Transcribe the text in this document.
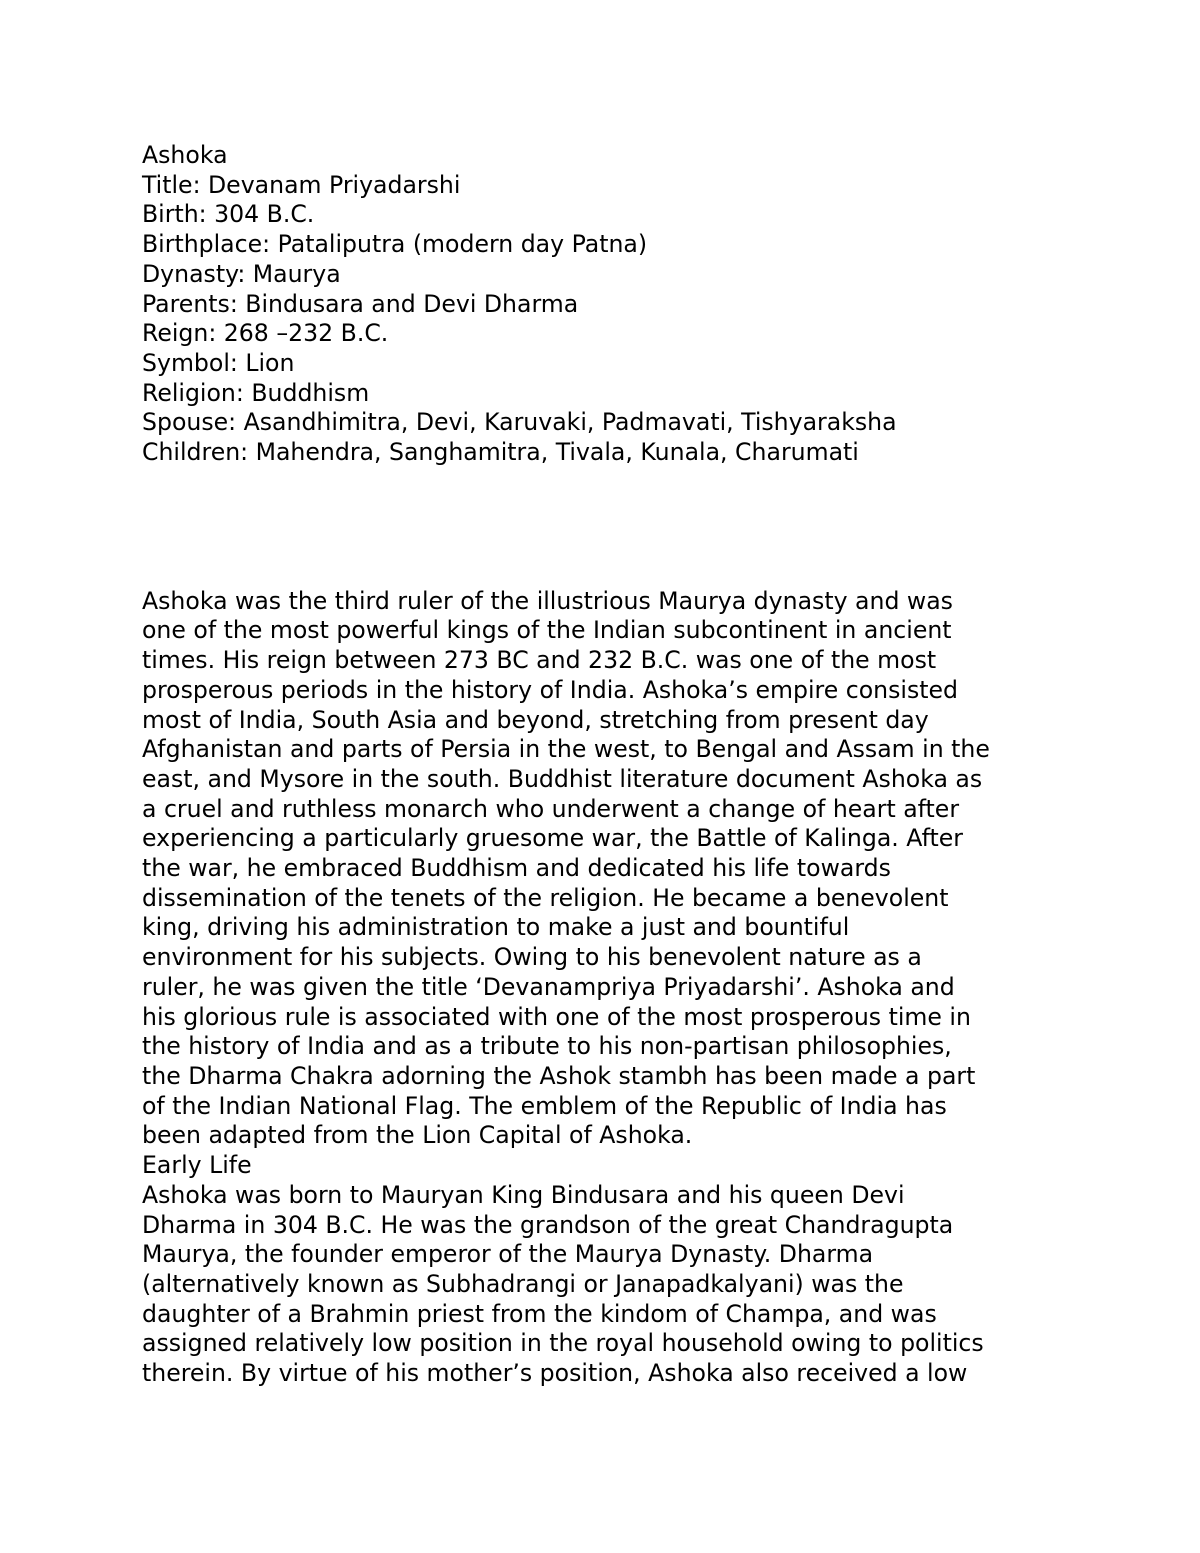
Ashoka
Title: Devanam Priyadarshi
Birth: 304 B.C.
Birthplace: Pataliputra (modern day Patna)
Dynasty: Maurya
Parents: Bindusara and Devi Dharma
Reign: 268 –232 B.C.
Symbol: Lion
Religion: Buddhism
Spouse: Asandhimitra, Devi, Karuvaki, Padmavati, Tishyaraksha
Children: Mahendra, Sanghamitra, Tivala, Kunala, Charumati
Ashoka was the third ruler of the illustrious Maurya dynasty and was
one of the most powerful kings of the Indian subcontinent in ancient
times. His reign between 273 BC and 232 B.C. was one of the most
prosperous periods in the history of India. Ashoka’s empire consisted
most of India, South Asia and beyond, stretching from present day
Afghanistan and parts of Persia in the west, to Bengal and Assam in the
east, and Mysore in the south. Buddhist literature document Ashoka as
a cruel and ruthless monarch who underwent a change of heart after
experiencing a particularly gruesome war, the Battle of Kalinga. After
the war, he embraced Buddhism and dedicated his life towards
dissemination of the tenets of the religion. He became a benevolent
king, driving his administration to make a just and bountiful
environment for his subjects. Owing to his benevolent nature as a
ruler, he was given the title ‘Devanampriya Priyadarshi’. Ashoka and
his glorious rule is associated with one of the most prosperous time in
the history of India and as a tribute to his non-partisan philosophies,
the Dharma Chakra adorning the Ashok stambh has been made a part
of the Indian National Flag. The emblem of the Republic of India has
been adapted from the Lion Capital of Ashoka.
Early Life
Ashoka was born to Mauryan King Bindusara and his queen Devi
Dharma in 304 B.C. He was the grandson of the great Chandragupta
Maurya, the founder emperor of the Maurya Dynasty. Dharma
(alternatively known as Subhadrangi or Janapadkalyani) was the
daughter of a Brahmin priest from the kindom of Champa, and was
assigned relatively low position in the royal household owing to politics
therein. By virtue of his mother’s position, Ashoka also received a low
